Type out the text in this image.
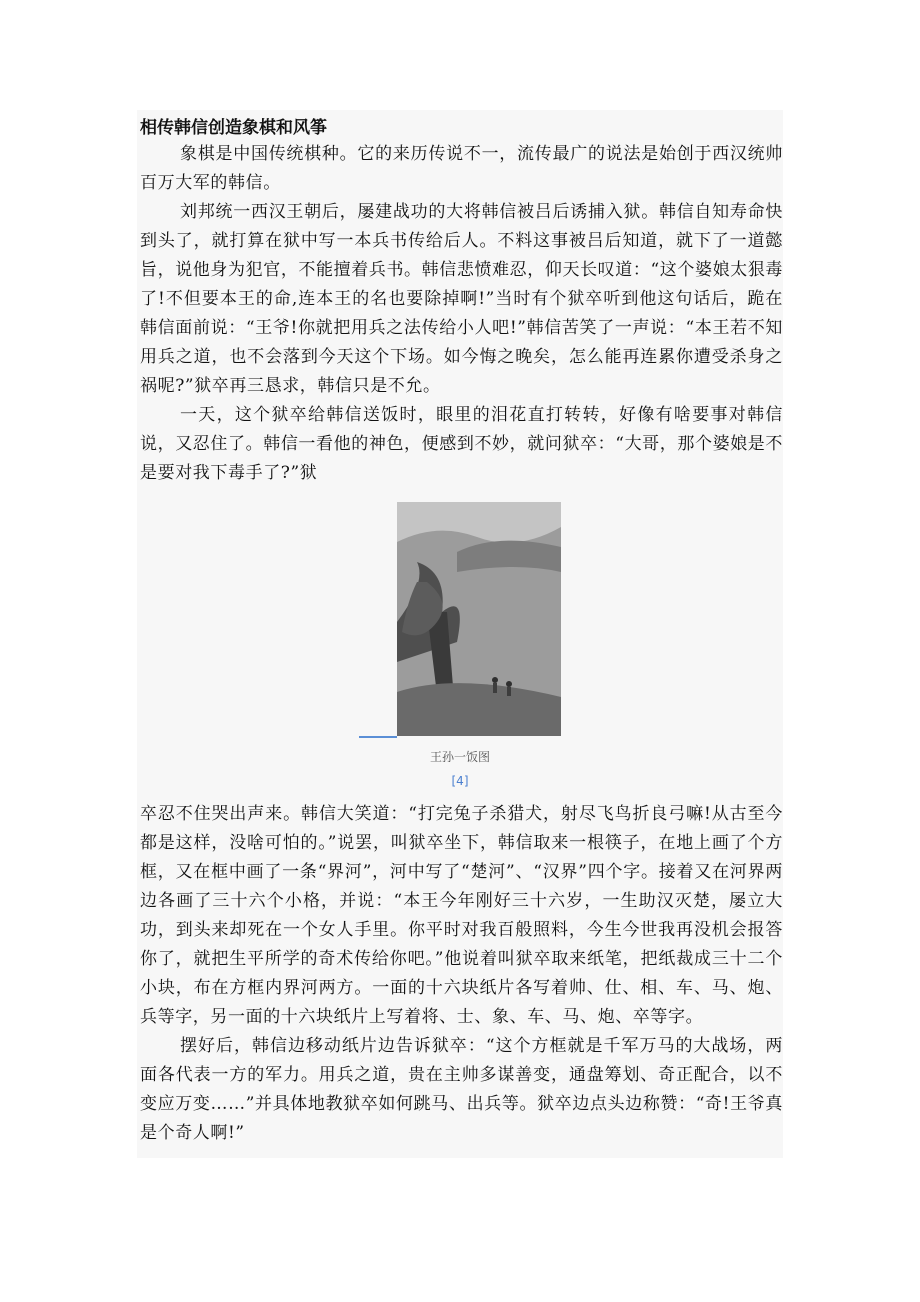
相传韩信创造象棋和风筝

象棋是中国传统棋种。它的来历传说不一，流传最广的说法是始创于西汉统帅百万大军的韩信。

刘邦统一西汉王朝后，屡建战功的大将韩信被吕后诱捕入狱。韩信自知寿命快到头了，就打算在狱中写一本兵书传给后人。不料这事被吕后知道，就下了一道懿旨，说他身为犯官，不能擅着兵书。韩信悲愤难忍，仰天长叹道：“这个婆娘太狠毒了!不但要本王的命,连本王的名也要除掉啊!”当时有个狱卒听到他这句话后，跪在韩信面前说：“王爷!你就把用兵之法传给小人吧!”韩信苦笑了一声说：“本王若不知用兵之道，也不会落到今天这个下场。如今悔之晚矣，怎么能再连累你遭受杀身之祸呢?”狱卒再三恳求，韩信只是不允。

一天，这个狱卒给韩信送饭时，眼里的泪花直打转转，好像有啥要事对韩信说，又忍住了。韩信一看他的神色，便感到不妙，就问狱卒：“大哥，那个婆娘是不是要对我下毒手了?”狱

王孙一饭图
[4]

卒忍不住哭出声来。韩信大笑道：“打完兔子杀猎犬，射尽飞鸟折良弓嘛!从古至今都是这样，没啥可怕的。”说罢，叫狱卒坐下，韩信取来一根筷子，在地上画了个方框，又在框中画了一条“界河”，河中写了“楚河”、“汉界”四个字。接着又在河界两边各画了三十六个小格，并说：“本王今年刚好三十六岁，一生助汉灭楚，屡立大功，到头来却死在一个女人手里。你平时对我百般照料，今生今世我再没机会报答你了，就把生平所学的奇术传给你吧。”他说着叫狱卒取来纸笔，把纸裁成三十二个小块，布在方框内界河两方。一面的十六块纸片各写着帅、仕、相、车、马、炮、兵等字，另一面的十六块纸片上写着将、士、象、车、马、炮、卒等字。

摆好后，韩信边移动纸片边告诉狱卒：“这个方框就是千军万马的大战场，两面各代表一方的军力。用兵之道，贵在主帅多谋善变，通盘筹划、奇正配合，以不变应万变……”并具体地教狱卒如何跳马、出兵等。狱卒边点头边称赞：“奇!王爷真是个奇人啊!”
